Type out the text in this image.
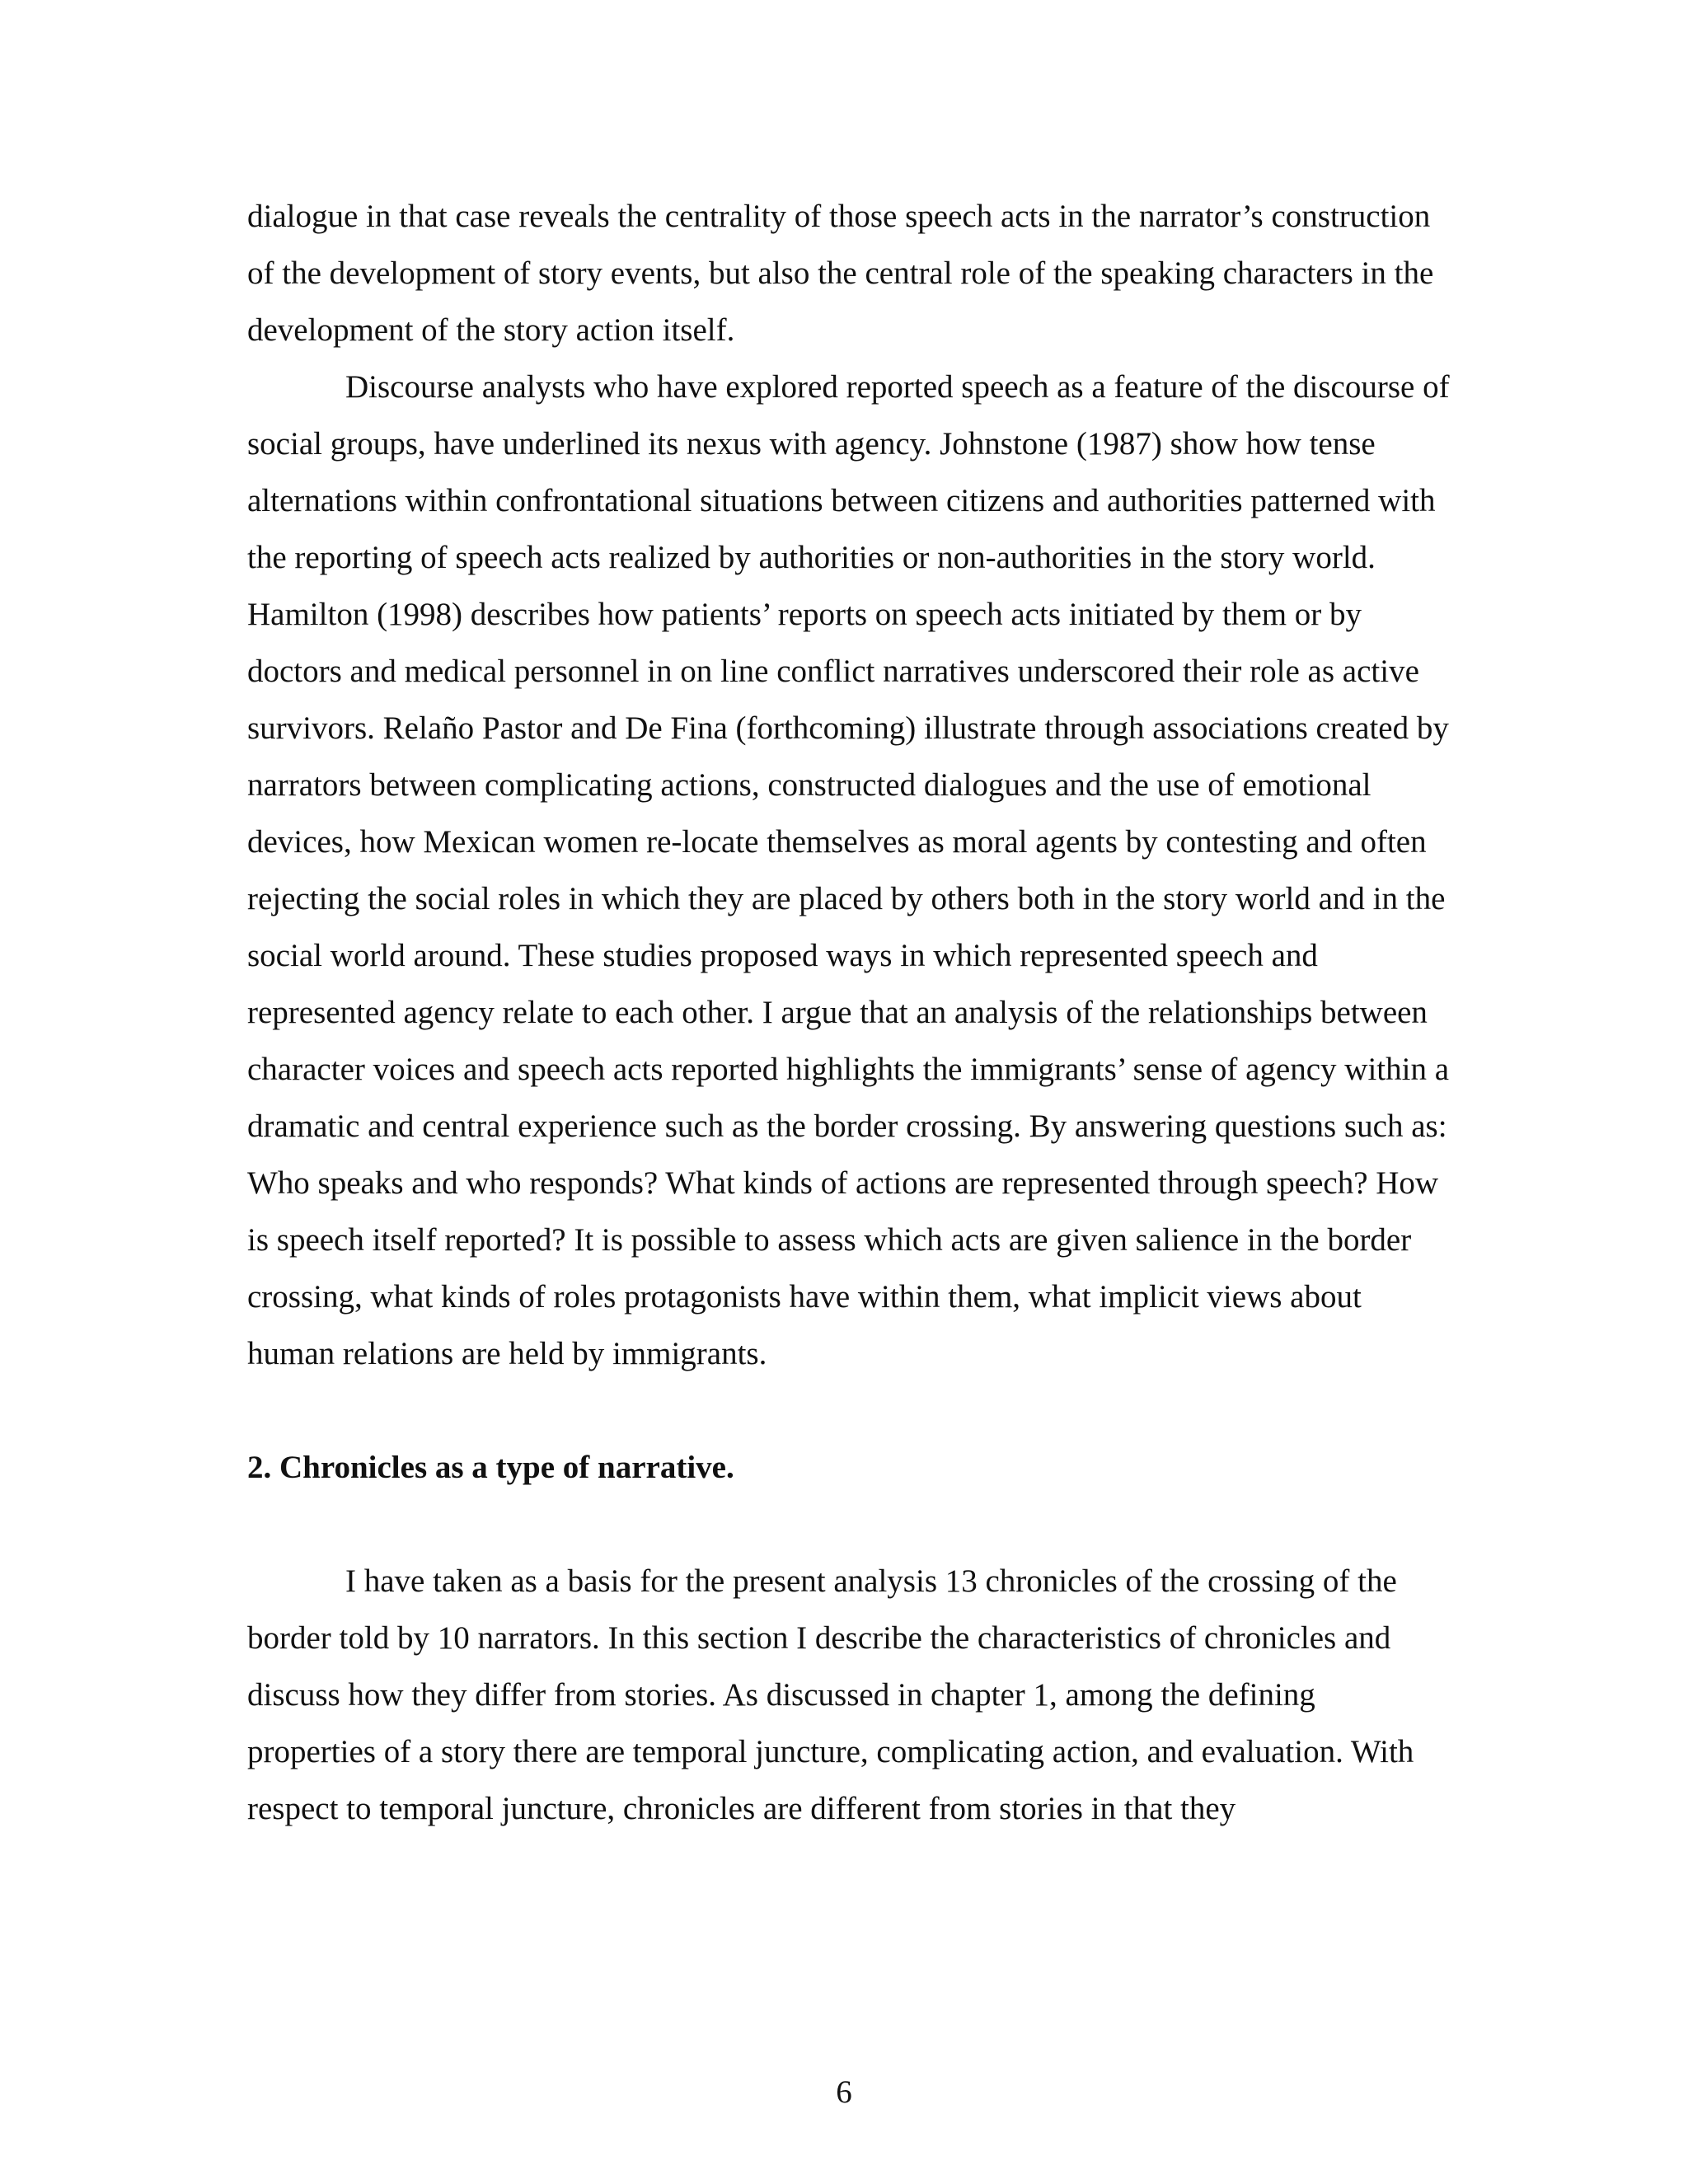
dialogue in that case reveals the centrality of those speech acts in the narrator’s construction of the development of story events, but also the central role of the speaking characters in the development of the story action itself.

Discourse analysts who have explored reported speech as a feature of the discourse of social groups, have underlined its nexus with agency. Johnstone (1987) show how tense alternations within confrontational situations between citizens and authorities patterned with the reporting of speech acts realized by authorities or non-authorities in the story world. Hamilton (1998) describes how patients’ reports on speech acts initiated by them or by doctors and medical personnel in on line conflict narratives underscored their role as active survivors. Relaño Pastor and De Fina (forthcoming) illustrate through associations created by narrators between complicating actions, constructed dialogues and the use of emotional devices, how Mexican women re-locate themselves as moral agents by contesting and often rejecting the social roles in which they are placed by others both in the story world and in the social world around. These studies proposed ways in which represented speech and represented agency relate to each other. I argue that an analysis of the relationships between character voices and speech acts reported highlights the immigrants’ sense of agency within a dramatic and central experience such as the border crossing. By answering questions such as: Who speaks and who responds? What kinds of actions are represented through speech? How is speech itself reported? It is possible to assess which acts are given salience in the border crossing, what kinds of roles protagonists have within them, what implicit views about human relations are held by immigrants.

2. Chronicles as a type of narrative.

I have taken as a basis for the present analysis 13 chronicles of the crossing of the border told by 10 narrators. In this section I describe the characteristics of chronicles and discuss how they differ from stories. As discussed in chapter 1, among the defining properties of a story there are temporal juncture, complicating action, and evaluation. With respect to temporal juncture, chronicles are different from stories in that they

6
